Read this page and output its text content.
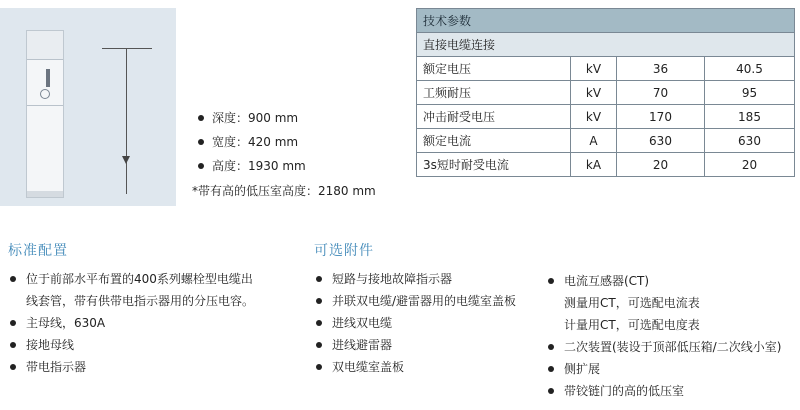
深度：900 mm
宽度：420 mm
高度：1930 mm
*带有高的低压室高度：2180 mm
技术参数			
直接电缆连接			
额定电压	kV	36	40.5
工频耐压	kV	70	95
冲击耐受电压	kV	170	185
额定电流	A	630	630
3s短时耐受电流	kA	20	20
标准配置
位于前部水平布置的400系列螺栓型电缆出
线套管，带有供带电指示器用的分压电容。
主母线，630A
接地母线
带电指示器
可选附件
短路与接地故障指示器
并联双电缆/避雷器用的电缆室盖板
进线双电缆
进线避雷器
双电缆室盖板
电流互感器(CT)
测量用CT，可选配电流表
计量用CT，可选配电度表
二次装置(装设于顶部低压箱/二次线小室)
侧扩展
带铰链门的高的低压室
